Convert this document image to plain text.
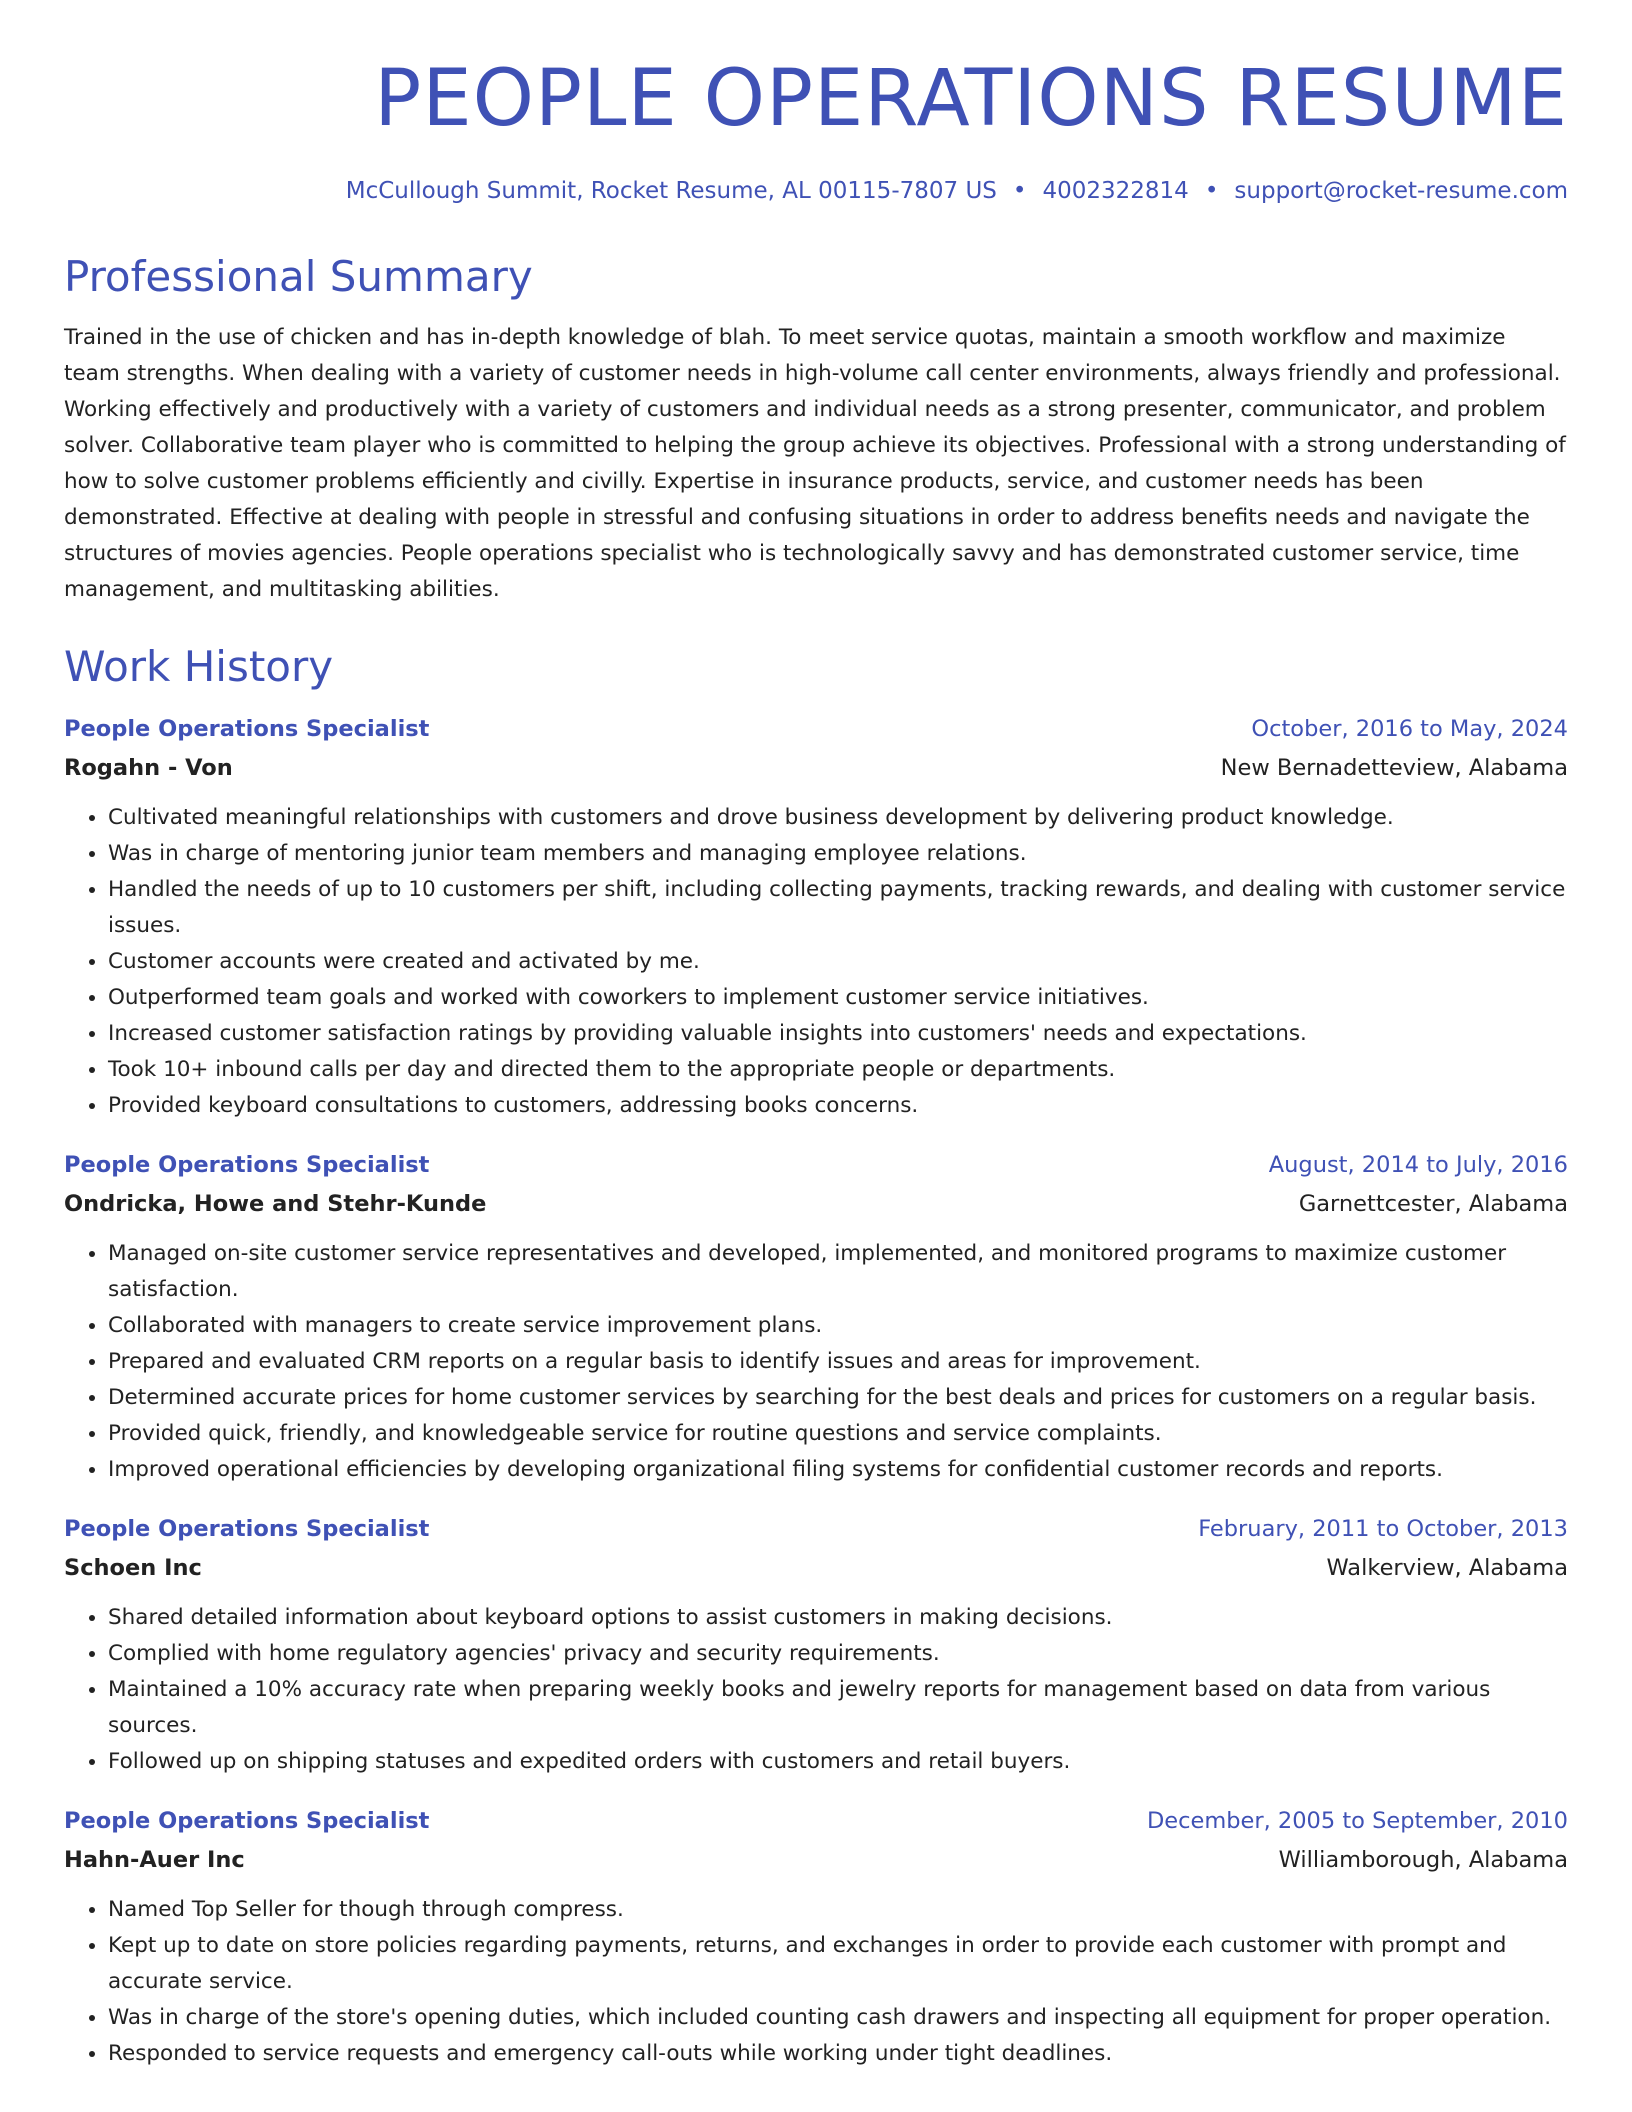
PEOPLE OPERATIONS RESUME
McCullough Summit, Rocket Resume, AL 00115-7807 US • 4002322814 • support@rocket-resume.com
Professional Summary

Trained in the use of chicken and has in-depth knowledge of blah. To meet service quotas, maintain a smooth workflow and maximize team strengths. When dealing with a variety of customer needs in high-volume call center environments, always friendly and professional. Working effectively and productively with a variety of customers and individual needs as a strong presenter, communicator, and problem solver. Collaborative team player who is committed to helping the group achieve its objectives. Professional with a strong understanding of how to solve customer problems efficiently and civilly. Expertise in insurance products, service, and customer needs has been demonstrated. Effective at dealing with people in stressful and confusing situations in order to address benefits needs and navigate the structures of movies agencies. People operations specialist who is technologically savvy and has demonstrated customer service, time management, and multitasking abilities.

Work History
People Operations Specialist	October, 2016 to May, 2024
Rogahn - Von	New Bernadetteview, Alabama
• Cultivated meaningful relationships with customers and drove business development by delivering product knowledge.
• Was in charge of mentoring junior team members and managing employee relations.
• Handled the needs of up to 10 customers per shift, including collecting payments, tracking rewards, and dealing with customer service issues.
• Customer accounts were created and activated by me.
• Outperformed team goals and worked with coworkers to implement customer service initiatives.
• Increased customer satisfaction ratings by providing valuable insights into customers' needs and expectations.
• Took 10+ inbound calls per day and directed them to the appropriate people or departments.
• Provided keyboard consultations to customers, addressing books concerns.
People Operations Specialist	August, 2014 to July, 2016
Ondricka, Howe and Stehr-Kunde	Garnettcester, Alabama
• Managed on-site customer service representatives and developed, implemented, and monitored programs to maximize customer satisfaction.
• Collaborated with managers to create service improvement plans.
• Prepared and evaluated CRM reports on a regular basis to identify issues and areas for improvement.
• Determined accurate prices for home customer services by searching for the best deals and prices for customers on a regular basis.
• Provided quick, friendly, and knowledgeable service for routine questions and service complaints.
• Improved operational efficiencies by developing organizational filing systems for confidential customer records and reports.
People Operations Specialist	February, 2011 to October, 2013
Schoen Inc	Walkerview, Alabama
• Shared detailed information about keyboard options to assist customers in making decisions.
• Complied with home regulatory agencies' privacy and security requirements.
• Maintained a 10% accuracy rate when preparing weekly books and jewelry reports for management based on data from various sources.
• Followed up on shipping statuses and expedited orders with customers and retail buyers.
People Operations Specialist	December, 2005 to September, 2010
Hahn-Auer Inc	Williamborough, Alabama
• Named Top Seller for though through compress.
• Kept up to date on store policies regarding payments, returns, and exchanges in order to provide each customer with prompt and accurate service.
• Was in charge of the store's opening duties, which included counting cash drawers and inspecting all equipment for proper operation.
• Responded to service requests and emergency call-outs while working under tight deadlines.
